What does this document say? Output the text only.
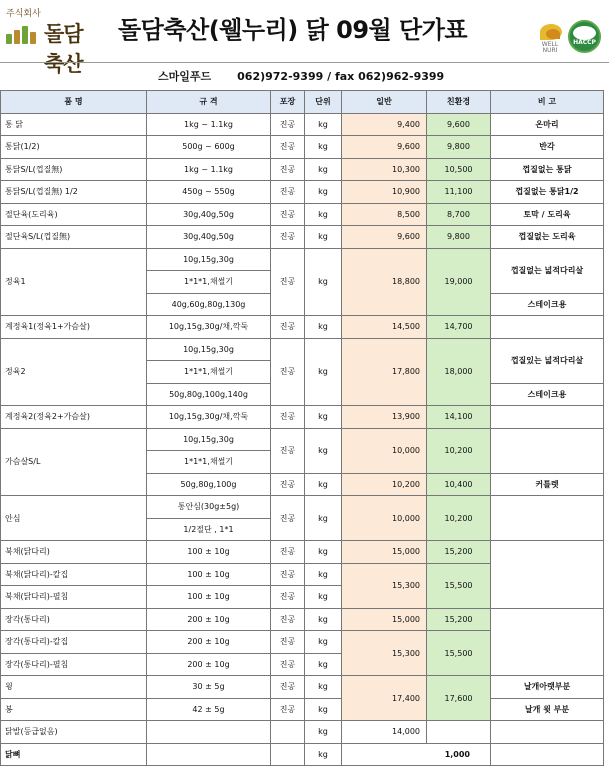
주식회사
돌담축산
돌담축산(웰누리) 닭 09월 단가표
WELL NURI
HACCP
스마일푸드 062)972-9399 / fax 062)962-9399
품 명	규 격	포장	단위	일반	친환경	비 고
통 닭	1kg ~ 1.1kg	진공	kg	9,400	9,600	온마리
통닭(1/2)	500g ~ 600g	진공	kg	9,600	9,800	반각
통닭S/L(껍질無)	1kg ~ 1.1kg	진공	kg	10,300	10,500	껍질없는 통닭
통닭S/L(껍질無) 1/2	450g ~ 550g	진공	kg	10,900	11,100	껍질없는 통닭1/2
절단육(도리육)	30g,40g,50g	진공	kg	8,500	8,700	토막 / 도리육
절단육S/L(껍질無)	30g,40g,50g	진공	kg	9,600	9,800	껍질없는 도리육
정육1	10g,15g,30g	진공	kg	18,800	19,000	껍질없는 넓적다리살
	1*1*1,채썰기					
	40g,60g,80g,130g					스테이크용
계정육1(정육1+가슴살)	10g,15g,30g/채,깍둑	진공	kg	14,500	14,700	
정육2	10g,15g,30g	진공	kg	17,800	18,000	껍질있는 넓적다리살
	1*1*1,채썰기					
	50g,80g,100g,140g					스테이크용
계정육2(정육2+가슴살)	10g,15g,30g/채,깍둑	진공	kg	13,900	14,100	
가슴살S/L	10g,15g,30g	진공	kg	10,000	10,200	
	1*1*1,채썰기					
	50g,80g,100g	진공	kg	10,200	10,400	커틀렛
안심	통안심(30g±5g)	진공	kg	10,000	10,200	
	1/2절단 , 1*1					
북채(닭다리)	100 ± 10g	진공	kg	15,000	15,200	
북채(닭다리)-칼집	100 ± 10g	진공	kg	15,300	15,500	
북채(닭다리)-펼침	100 ± 10g	진공	kg			
장각(통다리)	200 ± 10g	진공	kg	15,000	15,200	
장각(통다리)-칼집	200 ± 10g	진공	kg	15,300	15,500	
장각(통다리)-펼침	200 ± 10g	진공	kg			
윙	30 ± 5g	진공	kg	17,400	17,600	날개아랫부분
봉	42 ± 5g	진공	kg			날개 윗 부분
닭발(등급없음)			kg	14,000		
닭뼈			kg	1,000		
